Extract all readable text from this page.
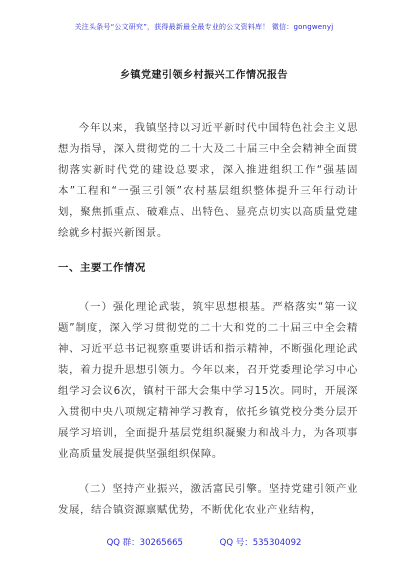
关注头条号“公文研究”，获得最新最全最专业的公文资料库！ 微信：gongwenyj
乡镇党建引领乡村振兴工作情况报告

今年以来，我镇坚持以习近平新时代中国特色社会主义思想为指导，深入贯彻党的二十大及二十届三中全会精神全面贯彻落实新时代党的建设总要求，深入推进组织工作“强基固本”工程和“一强三引领”农村基层组织整体提升三年行动计划，聚焦抓重点、破难点、出特色、显亮点切实以高质量党建绘就乡村振兴新图景。

一、主要工作情况

（一）强化理论武装，筑牢思想根基。严格落实“第一议题”制度，深入学习贯彻党的二十大和党的二十届三中全会精神、习近平总书记视察重要讲话和指示精神，不断强化理论武装，着力提升思想引领力。今年以来，召开党委理论学习中心组学习会议6次，镇村干部大会集中学习15次。同时，开展深入贯彻中央八项规定精神学习教育，依托乡镇党校分类分层开展学习培训，全面提升基层党组织凝聚力和战斗力，为各项事业高质量发展提供坚强组织保障。

（二）坚持产业振兴，激活富民引擎。坚持党建引领产业发展，结合镇资源禀赋优势，不断优化农业产业结构，

QQ 群：30265665	QQ 号：535304092
